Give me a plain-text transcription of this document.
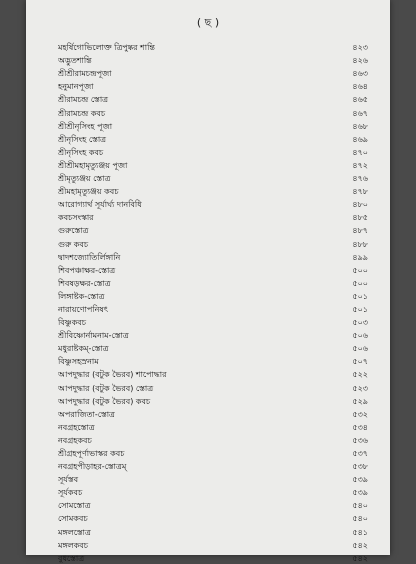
( ছ )
মহর্ষিগোভিলোক্ত ত্রিপুষ্কর শান্তি	৪২৩
অদ্ভুতশান্তি	৪২৬
শ্রীশ্রীরামচন্দ্রপূজা	৪৬৩
হনুমানপূজা	৪৬৪
শ্রীরামচন্দ্র স্তোত্র	৪৬৫
শ্রীরামচন্দ্র কবচ	৪৬৭
শ্রীশ্রীনৃসিংহ পূজা	৪৬৮
শ্রীনৃসিংহ স্তোত্র	৪৬৯
শ্রীনৃসিংহ কবচ	৪৭০
শ্রীশ্রীমহামৃত্যুঞ্জয় পূজা	৪৭২
শ্রীমৃত্যুঞ্জয় স্তোত্র	৪৭৬
শ্রীমহামৃত্যুঞ্জয় কবচ	৪৭৮
আরোগ্যার্থ সূর্যার্ঘ্য দানবিধি	৪৮০
কবচসংস্কার	৪৮৫
গুরুস্তোত্র	৪৮৭
গুরু কবচ	৪৮৮
দ্বাদশজ্যোতির্লিঙ্গানি	৪৯৯
শিবপঞ্চাক্ষর-স্তোত্র	৫০০
শিবষড়ক্ষর-স্তোত্র	৫০০
লিঙ্গাষ্টক-স্তোত্র	৫০১
নারায়ণোপনিষৎ	৫০১
বিষ্ণুকবচ	৫০৩
শ্রীবিষ্ণোর্নামনাম-স্তোত্র	৫০৬
মধুরাষ্টকম্-স্তোত্র	৫০৬
বিষ্ণুসহস্রনাম	৫০৭
আপদুদ্ধার (বটুক ভৈরব) শাপোদ্ধার	৫২২
আপদুদ্ধার (বটুক ভৈরব) স্তোত্র	৫২৩
আপদুদ্ধার (বটুক ভৈরব) কবচ	৫২৯
অপরাজিতা-স্তোত্র	৫৩২
নবগ্রহস্তোত্র	৫৩৪
নবগ্রহকবচ	৫৩৬
শ্রীগ্রহপূর্ণাভাস্কর কবচ	৫৩৭
নবগ্রহপীড়াহর-স্তোত্রম্	৫৩৮
সূর্যস্তব	৫৩৯
সূর্যকবচ	৫৩৯
সোমস্তোত্র	৫৪০
সোমকবচ	৫৪০
মঙ্গলস্তোত্র	৫৪১
মঙ্গলকবচ	৫৪২
বুধস্তোত্র	৫৪২
